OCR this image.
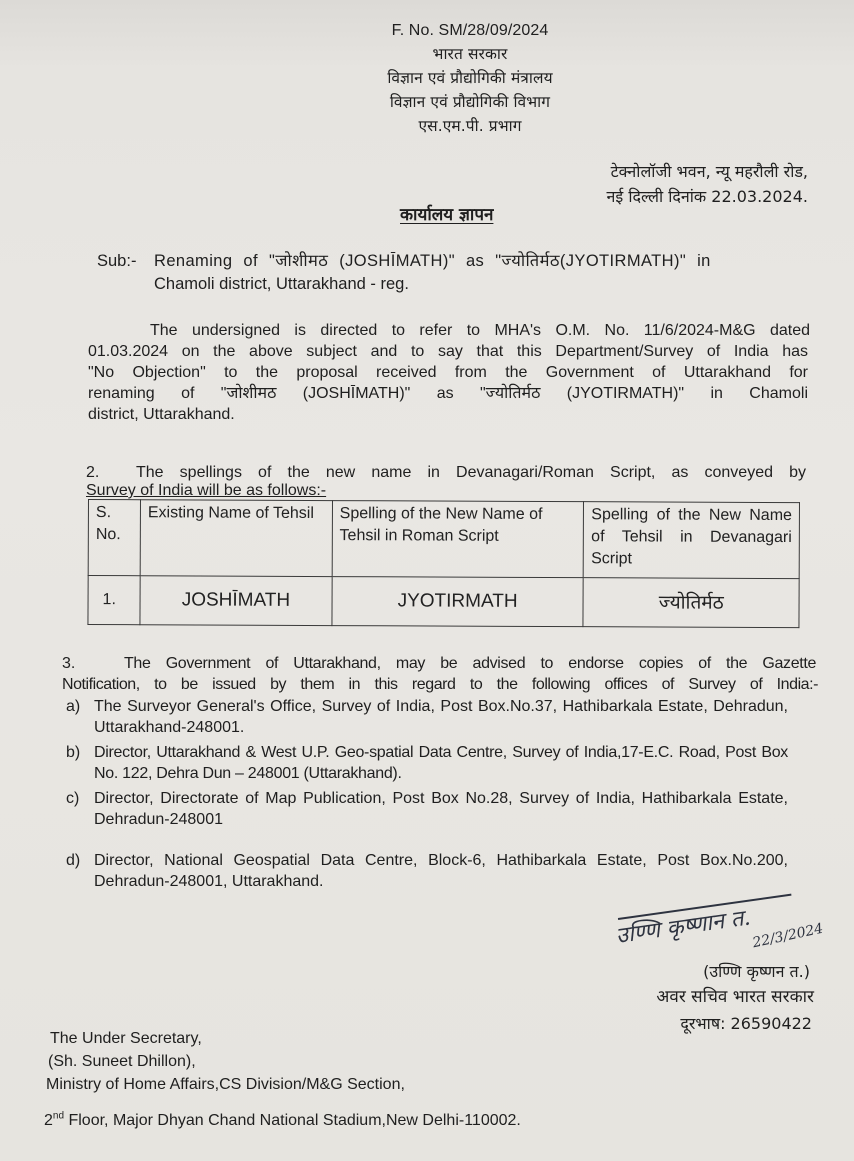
F. No. SM/28/09/2024
भारत सरकार
विज्ञान एवं प्रौद्योगिकी मंत्रालय
विज्ञान एवं प्रौद्योगिकी विभाग
एस.एम.पी. प्रभाग
टेक्नोलॉजी भवन, न्यू महरौली रोड,
नई दिल्ली दिनांक 22.03.2024.
कार्यालय ज्ञापन
Sub:- Renaming of "जोशीमठ (JOSHĪMATH)" as "ज्योतिर्मठ(JYOTIRMATH)" in
Chamoli district, Uttarakhand - reg.
The undersigned is directed to refer to MHA's O.M. No. 11/6/2024-M&G dated
01.03.2024 on the above subject and to say that this Department/Survey of India has
"No Objection" to the proposal received from the Government of Uttarakhand for
renaming of "जोशीमठ (JOSHĪMATH)" as "ज्योतिर्मठ (JYOTIRMATH)" in Chamoli
district, Uttarakhand.
2.	The spellings of the new name in Devanagari/Roman Script, as conveyed by
Survey of India will be as follows:-
S. No.	Existing Name of Tehsil	Spelling of the New Name of Tehsil in Roman Script	Spelling of the New Name of Tehsil in Devanagari Script
1.	JOSHĪMATH	JYOTIRMATH	ज्योतिर्मठ
3.	The Government of Uttarakhand, may be advised to endorse copies of the Gazette
Notification, to be issued by them in this regard to the following offices of Survey of India:-
a) The Surveyor General's Office, Survey of India, Post Box.No.37, Hathibarkala Estate, Dehradun, Uttarakhand-248001.
b) Director, Uttarakhand & West U.P. Geo-spatial Data Centre, Survey of India,17-E.C. Road, Post Box No. 122, Dehra Dun – 248001 (Uttarakhand).
c) Director, Directorate of Map Publication, Post Box No.28, Survey of India, Hathibarkala Estate, Dehradun-248001
d) Director, National Geospatial Data Centre, Block-6, Hathibarkala Estate, Post Box.No.200, Dehradun-248001, Uttarakhand.
उण्णि कृष्णान त. 22/3/2024
(उण्णि कृष्णन त.)
अवर सचिव भारत सरकार
दूरभाष: 26590422
The Under Secretary,
(Sh. Suneet Dhillon),
Ministry of Home Affairs,CS Division/M&G Section,
2nd Floor, Major Dhyan Chand National Stadium,New Delhi-110002.
